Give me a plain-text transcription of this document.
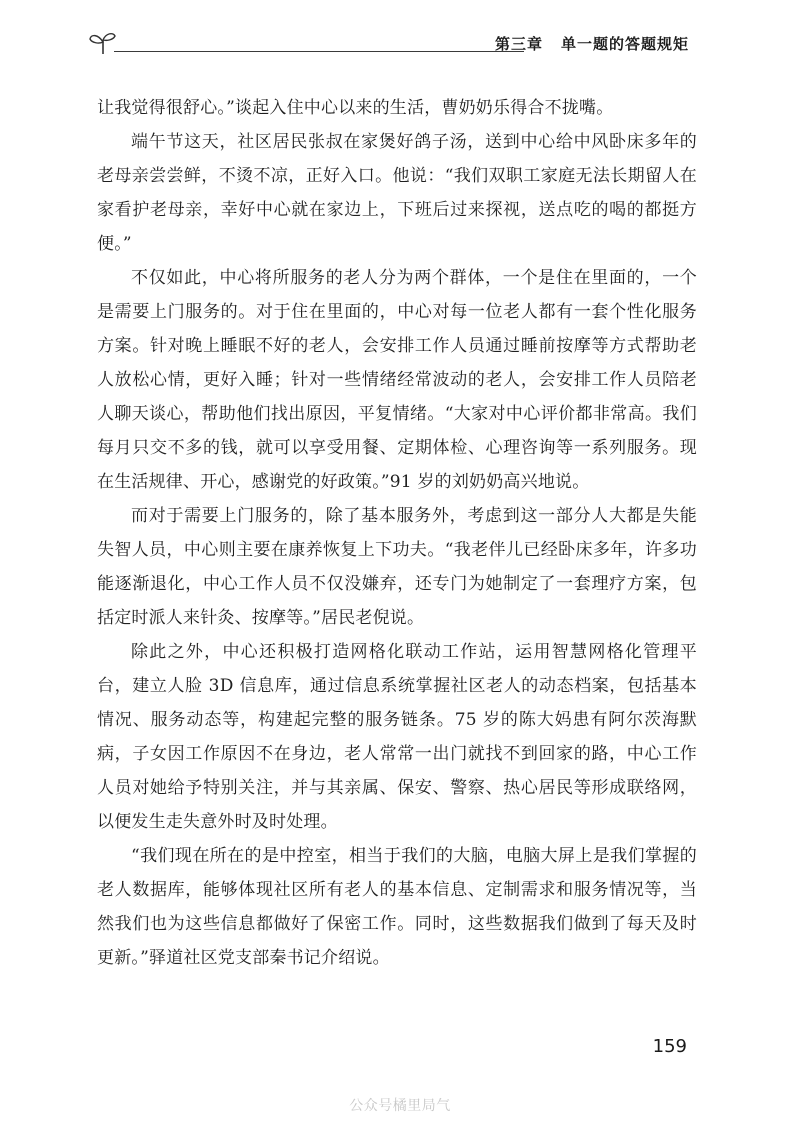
第三章 单一题的答题规矩

让我觉得很舒心。”谈起入住中心以来的生活，曹奶奶乐得合不拢嘴。

端午节这天，社区居民张叔在家煲好鸽子汤，送到中心给中风卧床多年的老母亲尝尝鲜，不烫不凉，正好入口。他说：“我们双职工家庭无法长期留人在家看护老母亲，幸好中心就在家边上，下班后过来探视，送点吃的喝的都挺方便。”

不仅如此，中心将所服务的老人分为两个群体，一个是住在里面的，一个是需要上门服务的。对于住在里面的，中心对每一位老人都有一套个性化服务方案。针对晚上睡眠不好的老人，会安排工作人员通过睡前按摩等方式帮助老人放松心情，更好入睡；针对一些情绪经常波动的老人，会安排工作人员陪老人聊天谈心，帮助他们找出原因，平复情绪。“大家对中心评价都非常高。我们每月只交不多的钱，就可以享受用餐、定期体检、心理咨询等一系列服务。现在生活规律、开心，感谢党的好政策。”91 岁的刘奶奶高兴地说。

而对于需要上门服务的，除了基本服务外，考虑到这一部分人大都是失能失智人员，中心则主要在康养恢复上下功夫。“我老伴儿已经卧床多年，许多功能逐渐退化，中心工作人员不仅没嫌弃，还专门为她制定了一套理疗方案，包括定时派人来针灸、按摩等。”居民老倪说。

除此之外，中心还积极打造网格化联动工作站，运用智慧网格化管理平台，建立人脸 3D 信息库，通过信息系统掌握社区老人的动态档案，包括基本情况、服务动态等，构建起完整的服务链条。75 岁的陈大妈患有阿尔茨海默病，子女因工作原因不在身边，老人常常一出门就找不到回家的路，中心工作人员对她给予特别关注，并与其亲属、保安、警察、热心居民等形成联络网，以便发生走失意外时及时处理。

“我们现在所在的是中控室，相当于我们的大脑，电脑大屏上是我们掌握的老人数据库，能够体现社区所有老人的基本信息、定制需求和服务情况等，当然我们也为这些信息都做好了保密工作。同时，这些数据我们做到了每天及时更新。”驿道社区党支部秦书记介绍说。

159
公众号橘里局气
